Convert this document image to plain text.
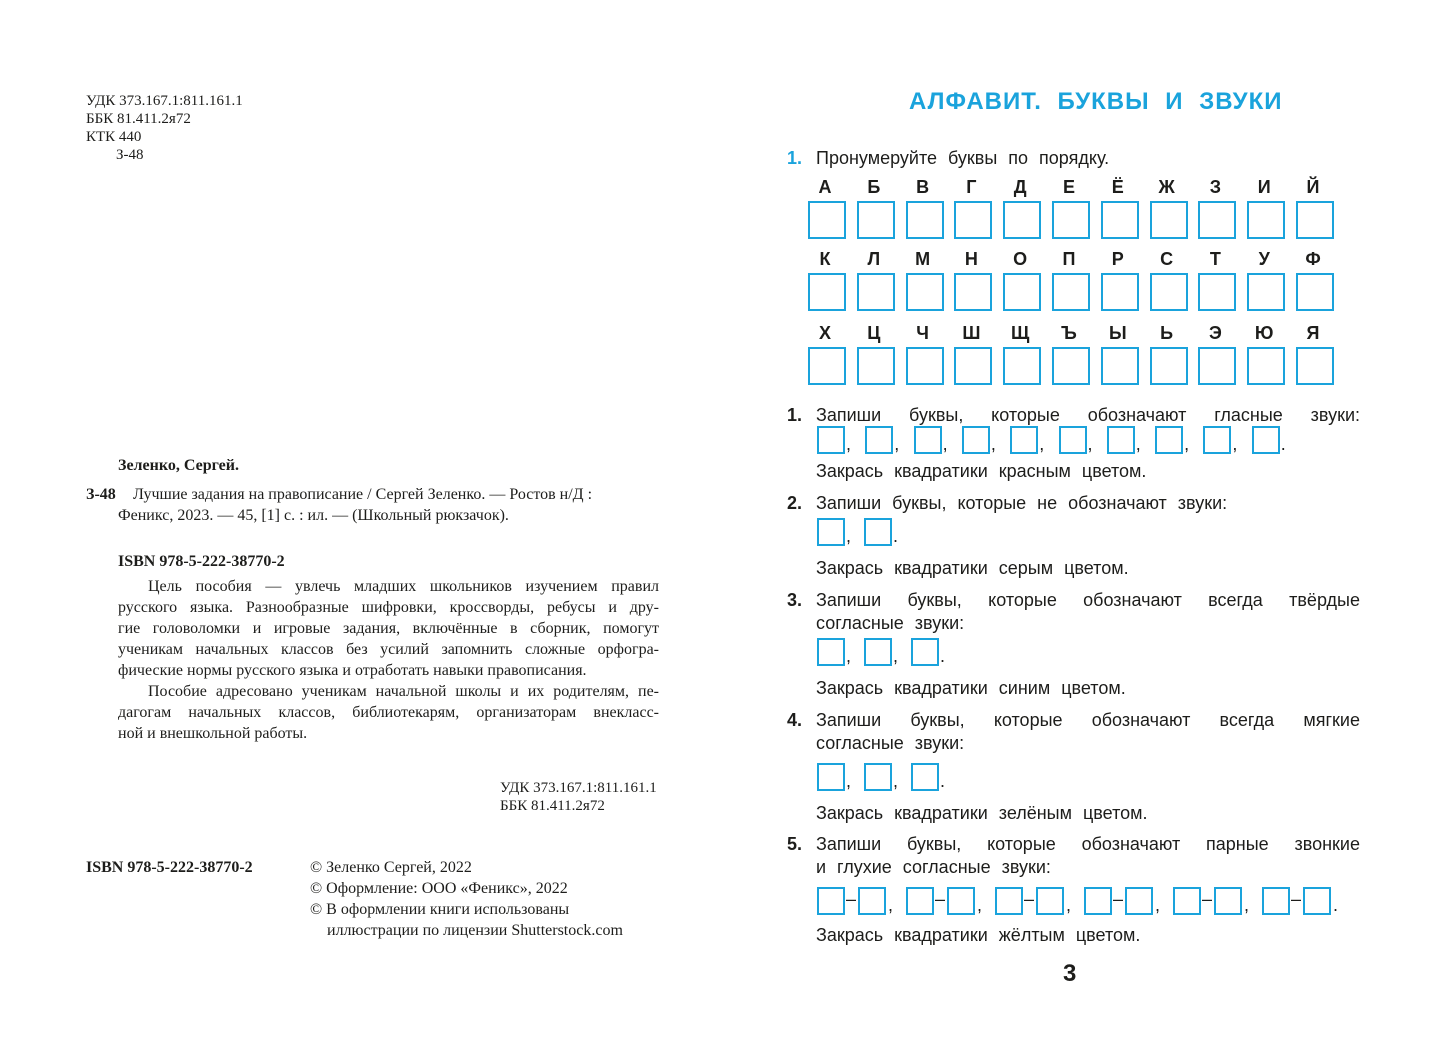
УДК 373.167.1:811.161.1
ББК 81.411.2я72
КТК 440
З-48
Зеленко, Сергей.
З-48 Лучшие задания на правописание / Сергей Зеленко. — Ростов н/Д :
Феникс, 2023. — 45, [1] с. : ил. — (Школьный рюкзачок).
ISBN 978-5-222-38770-2
Цель пособия — увлечь младших школьников изучением правил
русского языка. Разнообразные шифровки, кроссворды, ребусы и дру-
гие головоломки и игровые задания, включённые в сборник, помогут
ученикам начальных классов без усилий запомнить сложные орфогра-
фические нормы русского языка и отработать навыки правописания.
Пособие адресовано ученикам начальной школы и их родителям, пе-
дагогам начальных классов, библиотекарям, организаторам внекласс-
ной и внешкольной работы.
УДК 373.167.1:811.161.1
ББК 81.411.2я72
ISBN 978-5-222-38770-2	© Зеленко Сергей, 2022
© Оформление: ООО «Феникс», 2022
© В оформлении книги использованы
иллюстрации по лицензии Shutterstock.com
АЛФАВИТ. БУКВЫ И ЗВУКИ
1. Пронумеруйте буквы по порядку.
А	Б	В	Г	Д	Е	Ё	Ж	З	И	Й
К	Л	М	Н	О	П	Р	С	Т	У	Ф
Х	Ц	Ч	Ш	Щ	Ъ	Ы	Ь	Э	Ю	Я
1. Запиши буквы, которые обозначают гласные звуки:
, , , , , , , , , .
Закрась квадратики красным цветом.
2. Запиши буквы, которые не обозначают звуки:
, .
Закрась квадратики серым цветом.
3. Запиши буквы, которые обозначают всегда твёрдые
согласные звуки:
, , .
Закрась квадратики синим цветом.
4. Запиши буквы, которые обозначают всегда мягкие
согласные звуки:
, , .
Закрась квадратики зелёным цветом.
5. Запиши буквы, которые обозначают парные звонкие
и глухие согласные звуки:
– , – , – , – , – , – .
Закрась квадратики жёлтым цветом.
3
